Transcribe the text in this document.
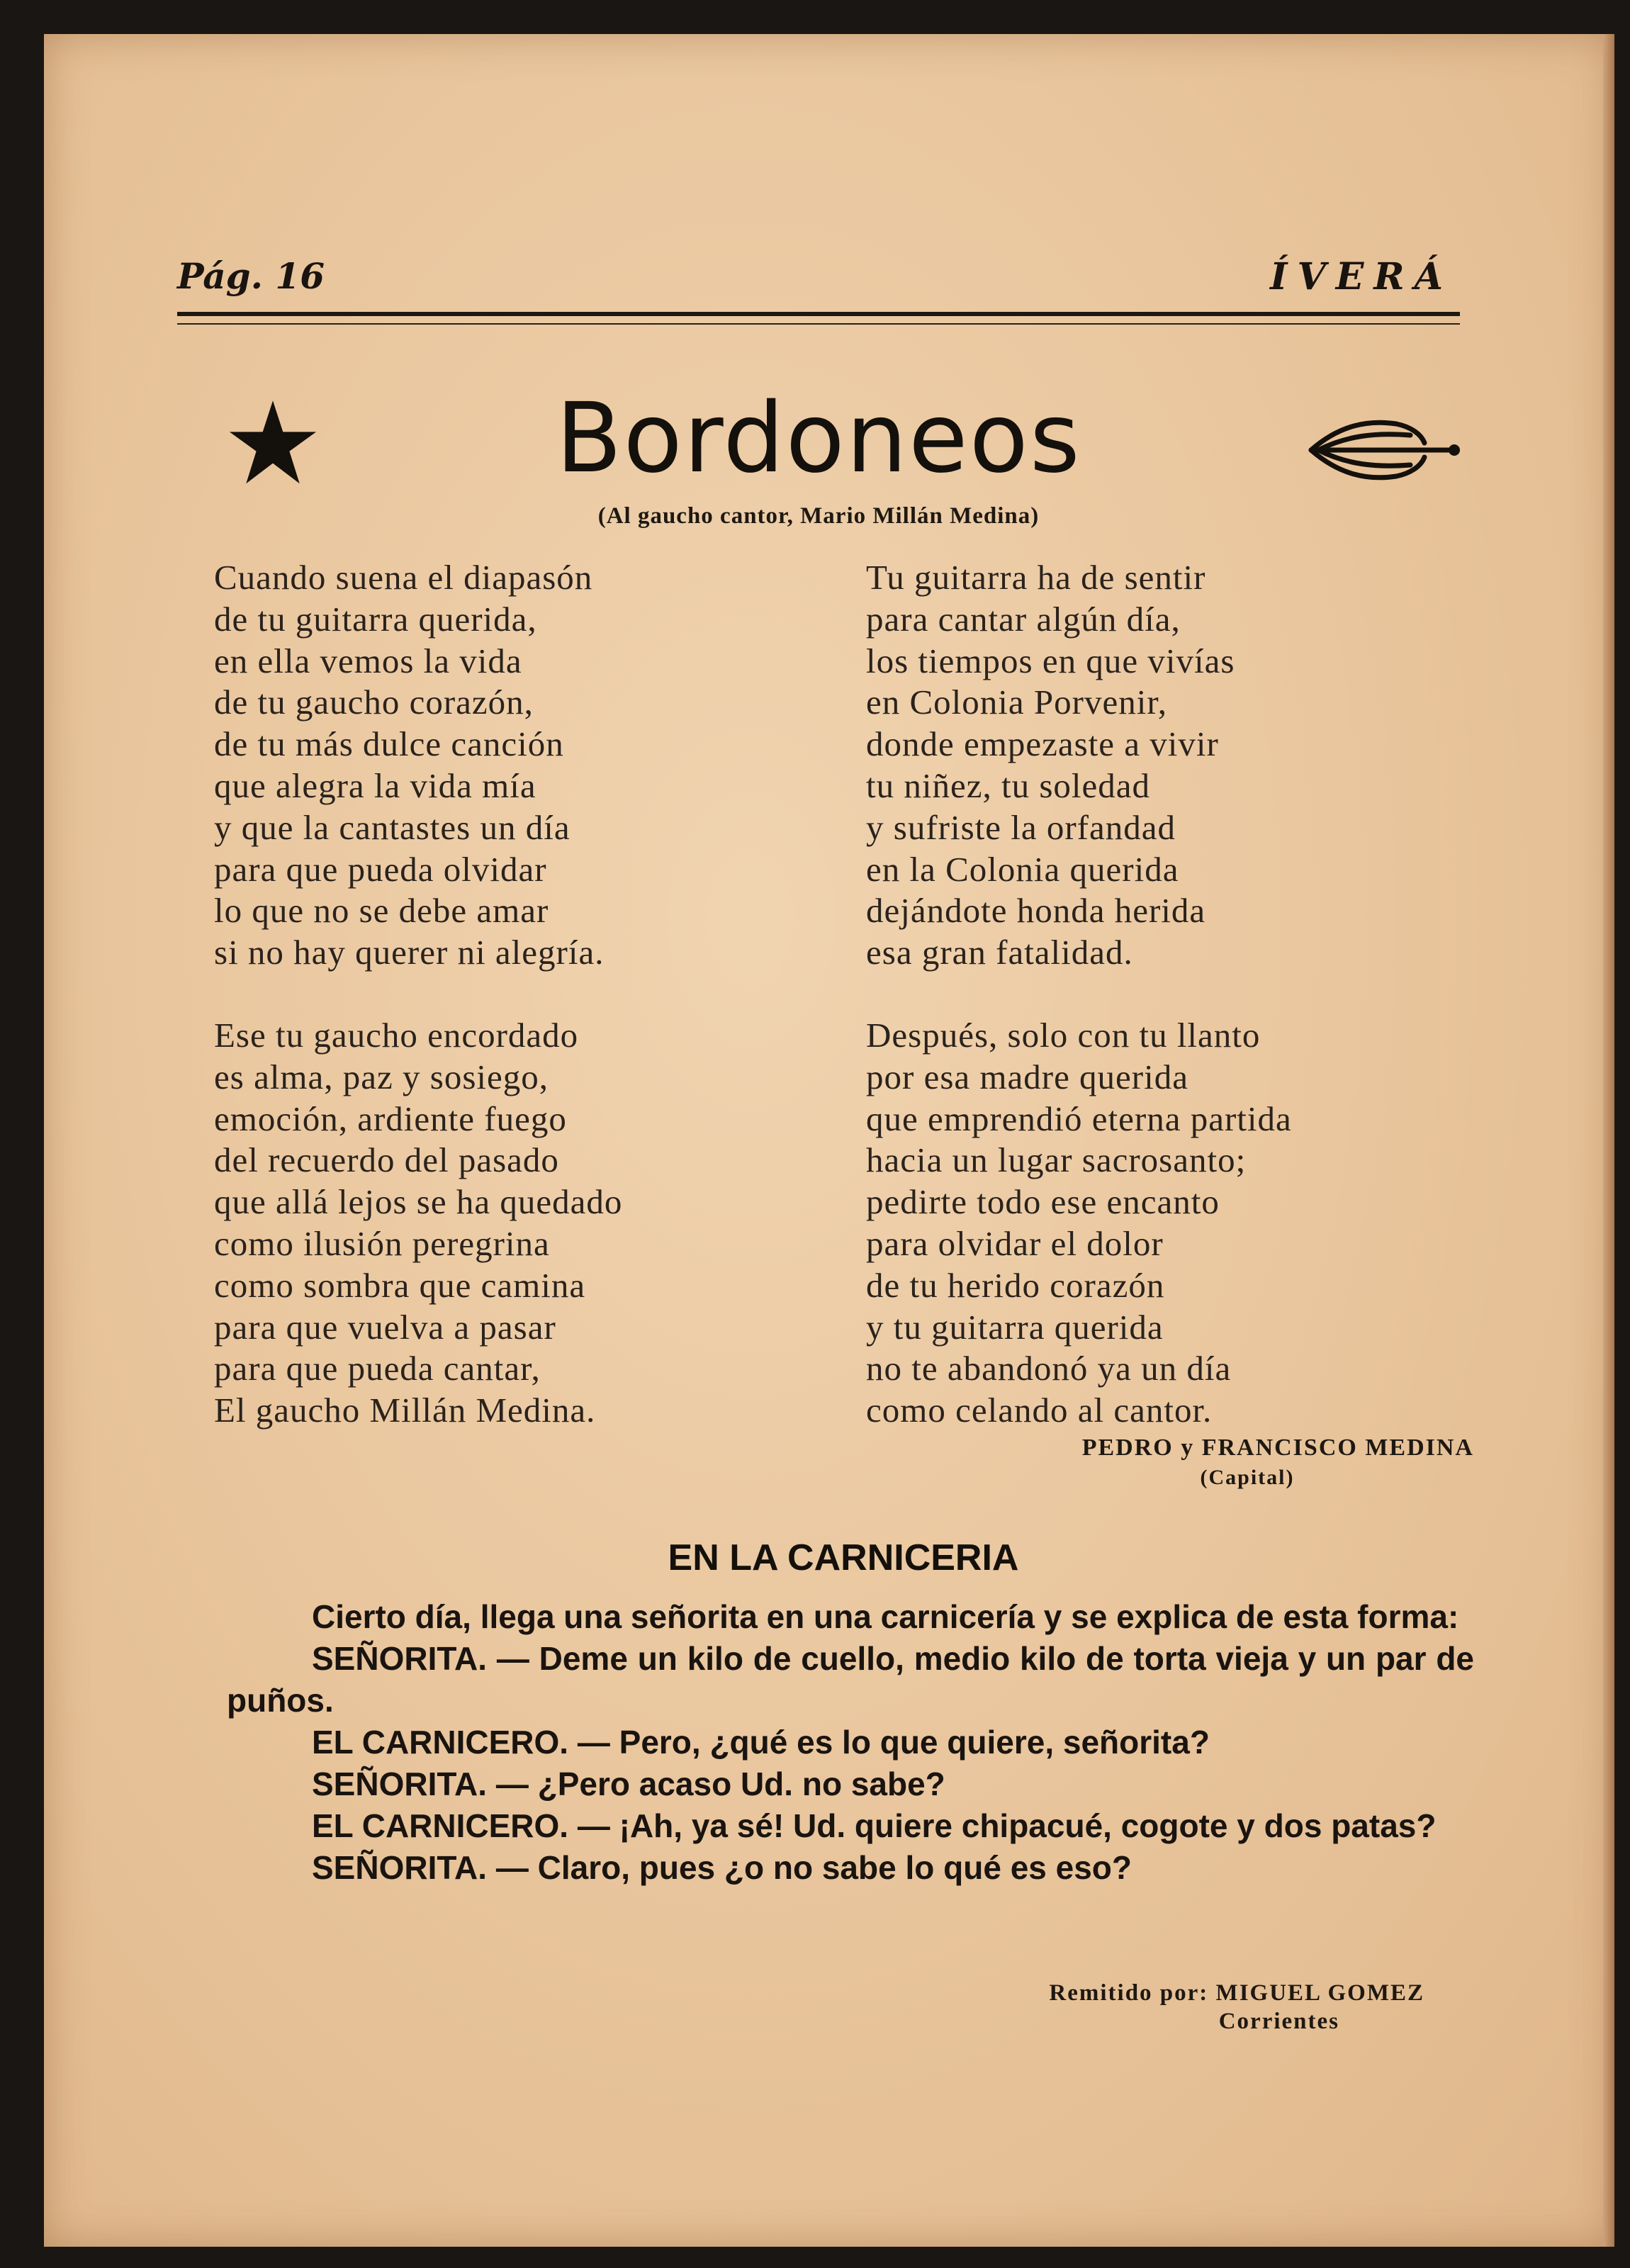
Pág. 16	ÍVERÁ
Bordoneos
(Al gaucho cantor, Mario Millán Medina)
Cuando suena el diapasón
de tu guitarra querida,
en ella vemos la vida
de tu gaucho corazón,
de tu más dulce canción
que alegra la vida mía
y que la cantastes un día
para que pueda olvidar
lo que no se debe amar
si no hay querer ni alegría.
Ese tu gaucho encordado
es alma, paz y sosiego,
emoción, ardiente fuego
del recuerdo del pasado
que allá lejos se ha quedado
como ilusión peregrina
como sombra que camina
para que vuelva a pasar
para que pueda cantar,
El gaucho Millán Medina.
Tu guitarra ha de sentir
para cantar algún día,
los tiempos en que vivías
en Colonia Porvenir,
donde empezaste a vivir
tu niñez, tu soledad
y sufriste la orfandad
en la Colonia querida
dejándote honda herida
esa gran fatalidad.
Después, solo con tu llanto
por esa madre querida
que emprendió eterna partida
hacia un lugar sacrosanto;
pedirte todo ese encanto
para olvidar el dolor
de tu herido corazón
y tu guitarra querida
no te abandonó ya un día
como celando al cantor.
PEDRO y FRANCISCO MEDINA
(Capital)
EN LA CARNICERIA

Cierto día, llega una señorita en una carnicería y se explica de esta forma:

SEÑORITA. — Deme un kilo de cuello, medio kilo de torta vieja y un par de puños.

EL CARNICERO. — Pero, ¿qué es lo que quiere, señorita?

SEÑORITA. — ¿Pero acaso Ud. no sabe?

EL CARNICERO. — ¡Ah, ya sé! Ud. quiere chipacué, cogote y dos patas?

SEÑORITA. — Claro, pues ¿o no sabe lo qué es eso?

Remitido por: MIGUEL GOMEZ
Corrientes
